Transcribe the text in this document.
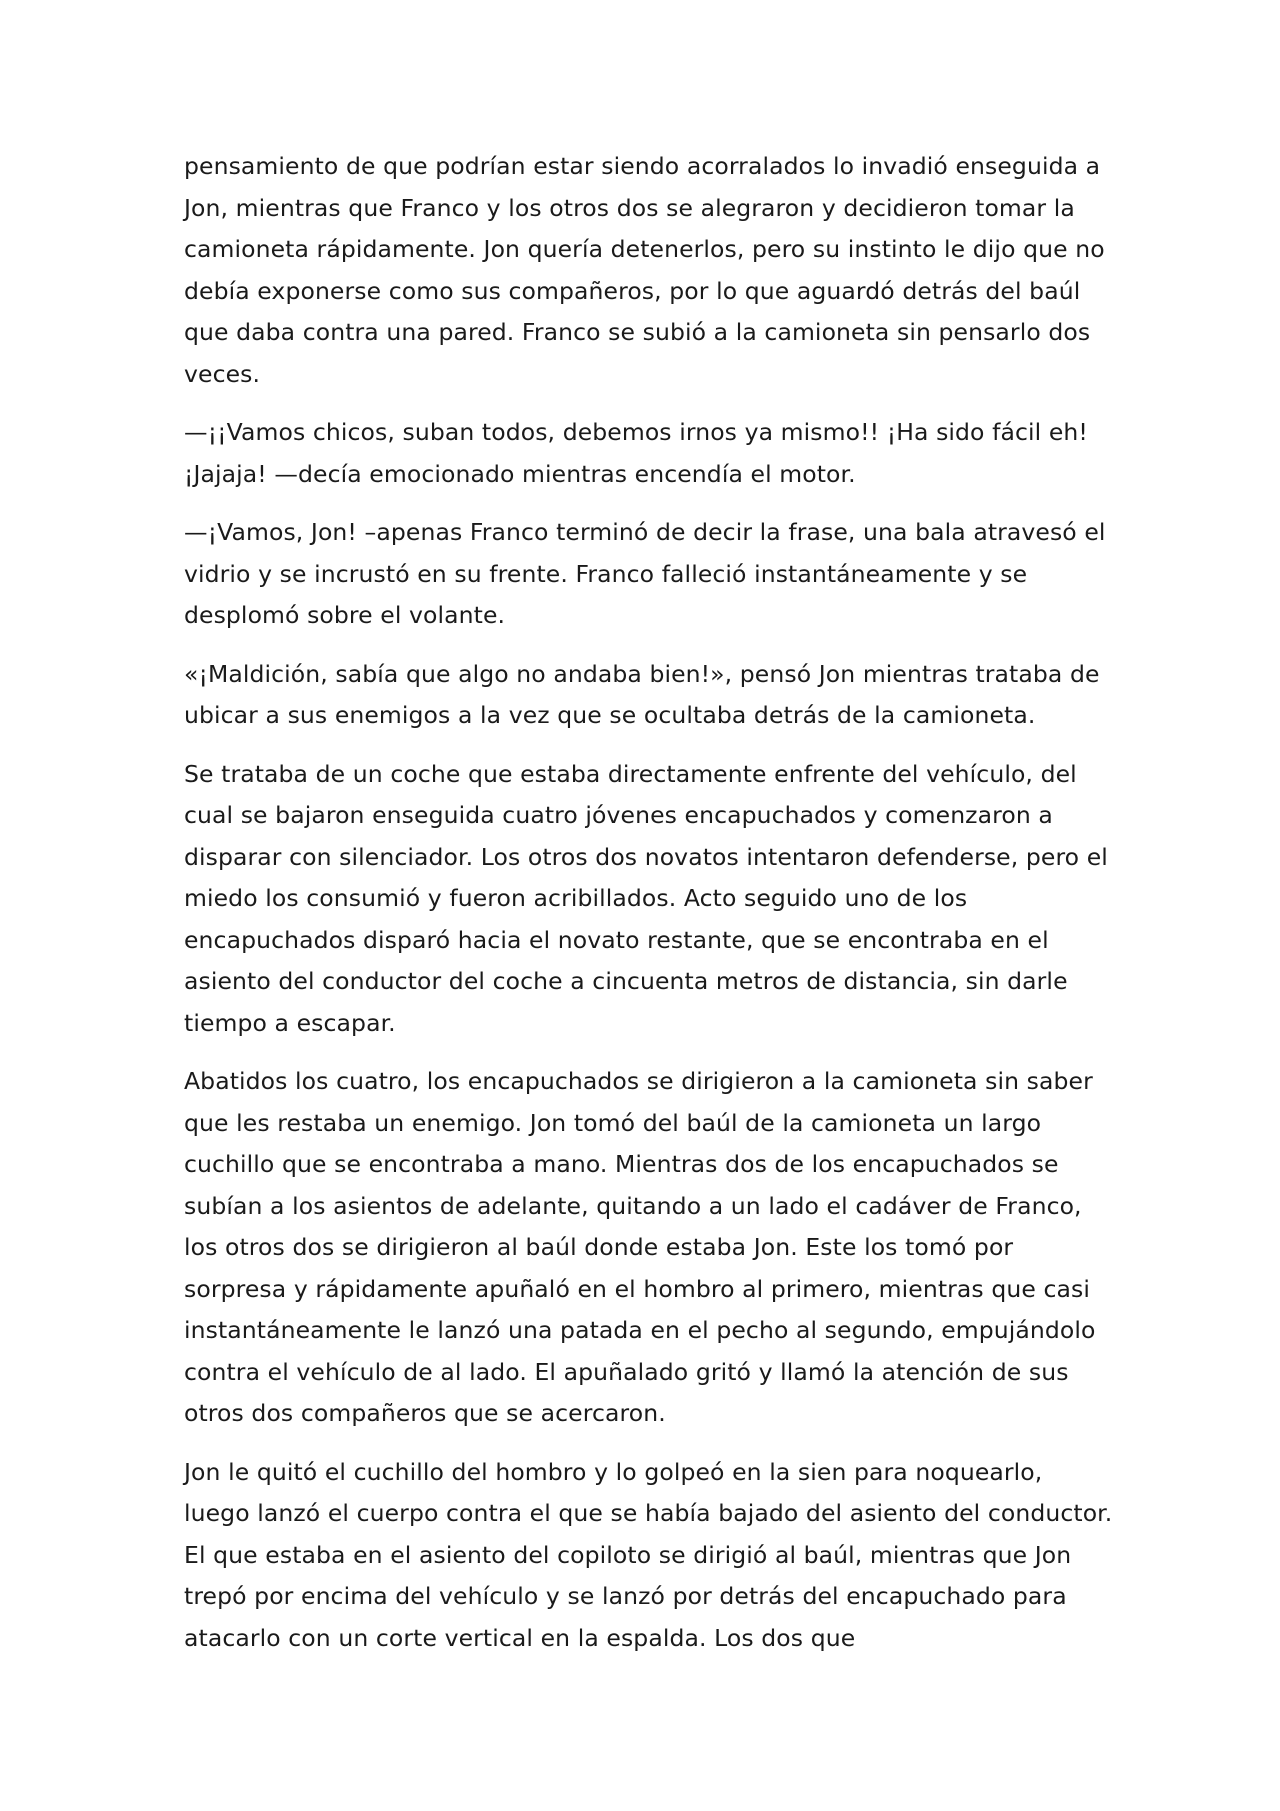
pensamiento de que podrían estar siendo acorralados lo invadió enseguida a Jon, mientras que Franco y los otros dos se alegraron y decidieron tomar la camioneta rápidamente. Jon quería detenerlos, pero su instinto le dijo que no debía exponerse como sus compañeros, por lo que aguardó detrás del baúl que daba contra una pared. Franco se subió a la camioneta sin pensarlo dos veces.

—¡¡Vamos chicos, suban todos, debemos irnos ya mismo!! ¡Ha sido fácil eh! ¡Jajaja! —decía emocionado mientras encendía el motor.

—¡Vamos, Jon! –apenas Franco terminó de decir la frase, una bala atravesó el vidrio y se incrustó en su frente. Franco falleció instantáneamente y se desplomó sobre el volante.

«¡Maldición, sabía que algo no andaba bien!», pensó Jon mientras trataba de ubicar a sus enemigos a la vez que se ocultaba detrás de la camioneta.

Se trataba de un coche que estaba directamente enfrente del vehículo, del cual se bajaron enseguida cuatro jóvenes encapuchados y comenzaron a disparar con silenciador. Los otros dos novatos intentaron defenderse, pero el miedo los consumió y fueron acribillados. Acto seguido uno de los encapuchados disparó hacia el novato restante, que se encontraba en el asiento del conductor del coche a cincuenta metros de distancia, sin darle tiempo a escapar.

Abatidos los cuatro, los encapuchados se dirigieron a la camioneta sin saber que les restaba un enemigo. Jon tomó del baúl de la camioneta un largo cuchillo que se encontraba a mano. Mientras dos de los encapuchados se subían a los asientos de adelante, quitando a un lado el cadáver de Franco, los otros dos se dirigieron al baúl donde estaba Jon. Este los tomó por sorpresa y rápidamente apuñaló en el hombro al primero, mientras que casi instantáneamente le lanzó una patada en el pecho al segundo, empujándolo contra el vehículo de al lado. El apuñalado gritó y llamó la atención de sus otros dos compañeros que se acercaron.

Jon le quitó el cuchillo del hombro y lo golpeó en la sien para noquearlo, luego lanzó el cuerpo contra el que se había bajado del asiento del conductor. El que estaba en el asiento del copiloto se dirigió al baúl, mientras que Jon trepó por encima del vehículo y se lanzó por detrás del encapuchado para atacarlo con un corte vertical en la espalda. Los dos que
